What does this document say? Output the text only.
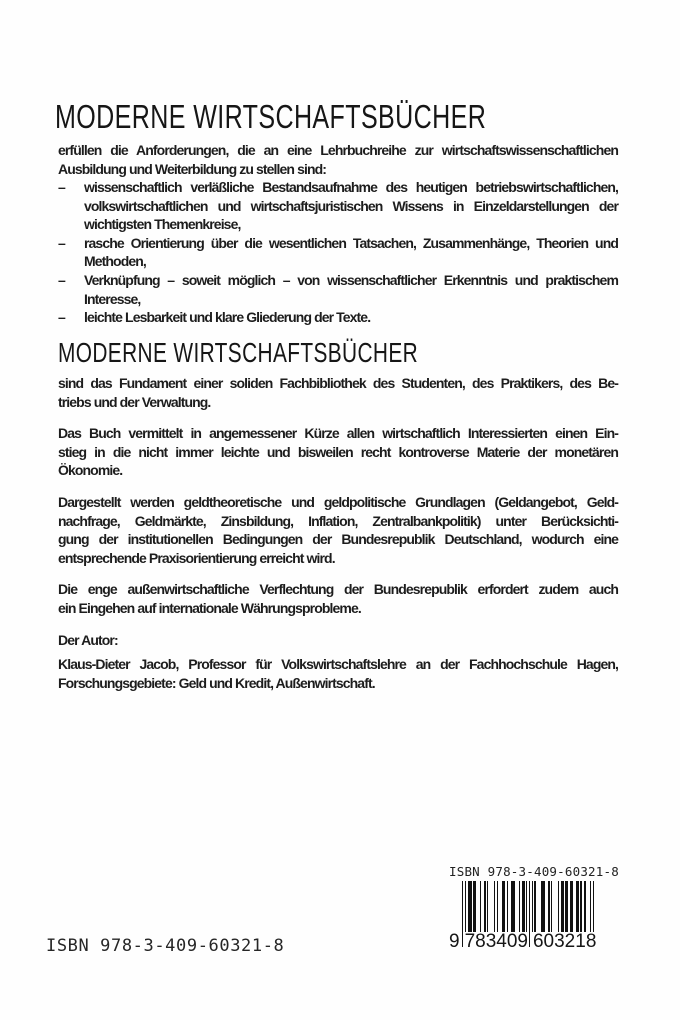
MODERNE WIRTSCHAFTSBÜCHER
erfüllen die Anforderungen, die an eine Lehrbuchreihe zur wirtschaftswissenschaftlichen
Ausbildung und Weiterbildung zu stellen sind:
–	wissenschaftlich verläßliche Bestandsaufnahme des heutigen betriebswirtschaftlichen,
volkswirtschaftlichen und wirtschaftsjuristischen Wissens in Einzeldarstellungen der
wichtigsten Themenkreise,
–	rasche Orientierung über die wesentlichen Tatsachen, Zusammenhänge, Theorien und
Methoden,
–	Verknüpfung – soweit möglich – von wissenschaftlicher Erkenntnis und praktischem
Interesse,
–	leichte Lesbarkeit und klare Gliederung der Texte.
MODERNE WIRTSCHAFTSBÜCHER
sind das Fundament einer soliden Fachbibliothek des Studenten, des Praktikers, des Be-
triebs und der Verwaltung.
Das Buch vermittelt in angemessener Kürze allen wirtschaftlich Interessierten einen Ein-
stieg in die nicht immer leichte und bisweilen recht kontroverse Materie der monetären
Ökonomie.
Dargestellt werden geldtheoretische und geldpolitische Grundlagen (Geldangebot, Geld-
nachfrage, Geldmärkte, Zinsbildung, Inflation, Zentralbankpolitik) unter Berücksichti-
gung der institutionellen Bedingungen der Bundesrepublik Deutschland, wodurch eine
entsprechende Praxisorientierung erreicht wird.
Die enge außenwirtschaftliche Verflechtung der Bundesrepublik erfordert zudem auch
ein Eingehen auf internationale Währungsprobleme.
Der Autor:
Klaus-Dieter Jacob, Professor für Volkswirtschaftslehre an der Fachhochschule Hagen,
Forschungsgebiete: Geld und Kredit, Außenwirtschaft.
ISBN 978-3-409-60321-8
ISBN 978-3-409-60321-8
9 783409 603218
